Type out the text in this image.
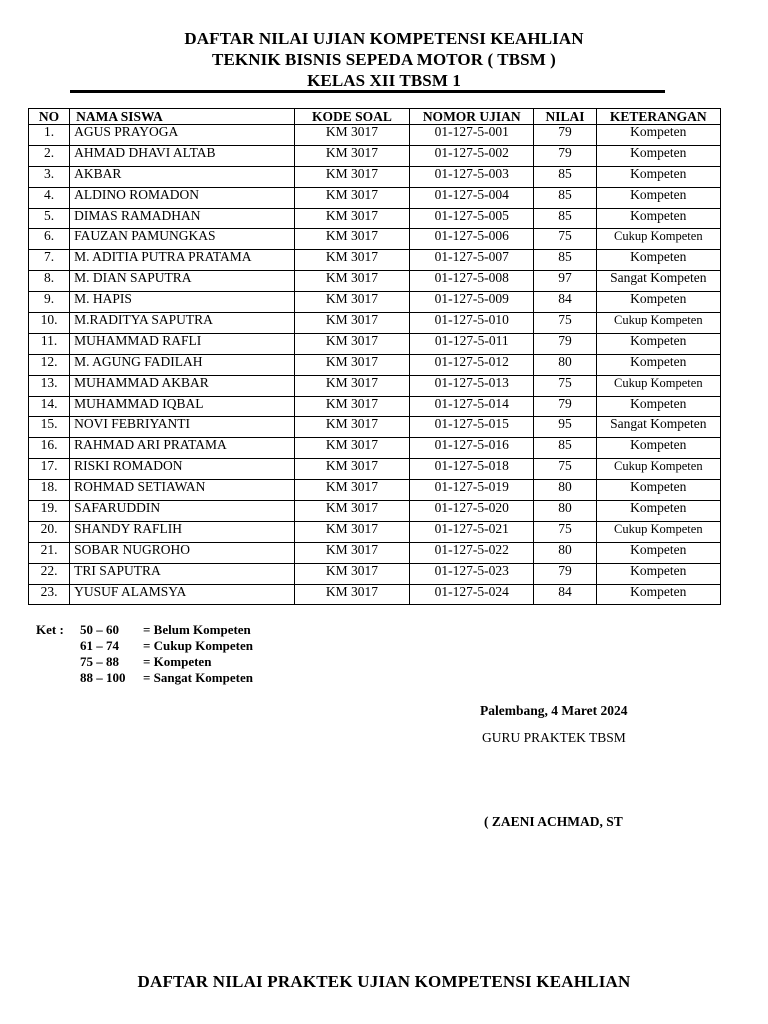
DAFTAR NILAI UJIAN KOMPETENSI KEAHLIAN
TEKNIK BISNIS SEPEDA MOTOR ( TBSM )
KELAS XII TBSM 1
NO	NAMA SISWA	KODE SOAL	NOMOR UJIAN	NILAI	KETERANGAN
1.	AGUS PRAYOGA	KM 3017	01-127-5-001	79	Kompeten
2.	AHMAD DHAVI ALTAB	KM 3017	01-127-5-002	79	Kompeten
3.	AKBAR	KM 3017	01-127-5-003	85	Kompeten
4.	ALDINO ROMADON	KM 3017	01-127-5-004	85	Kompeten
5.	DIMAS RAMADHAN	KM 3017	01-127-5-005	85	Kompeten
6.	FAUZAN PAMUNGKAS	KM 3017	01-127-5-006	75	Cukup Kompeten
7.	M. ADITIA PUTRA PRATAMA	KM 3017	01-127-5-007	85	Kompeten
8.	M. DIAN SAPUTRA	KM 3017	01-127-5-008	97	Sangat Kompeten
9.	M. HAPIS	KM 3017	01-127-5-009	84	Kompeten
10.	M.RADITYA SAPUTRA	KM 3017	01-127-5-010	75	Cukup Kompeten
11.	MUHAMMAD RAFLI	KM 3017	01-127-5-011	79	Kompeten
12.	M. AGUNG FADILAH	KM 3017	01-127-5-012	80	Kompeten
13.	MUHAMMAD AKBAR	KM 3017	01-127-5-013	75	Cukup Kompeten
14.	MUHAMMAD IQBAL	KM 3017	01-127-5-014	79	Kompeten
15.	NOVI FEBRIYANTI	KM 3017	01-127-5-015	95	Sangat Kompeten
16.	RAHMAD ARI PRATAMA	KM 3017	01-127-5-016	85	Kompeten
17.	RISKI ROMADON	KM 3017	01-127-5-018	75	Cukup Kompeten
18.	ROHMAD SETIAWAN	KM 3017	01-127-5-019	80	Kompeten
19.	SAFARUDDIN	KM 3017	01-127-5-020	80	Kompeten
20.	SHANDY RAFLIH	KM 3017	01-127-5-021	75	Cukup Kompeten
21.	SOBAR NUGROHO	KM 3017	01-127-5-022	80	Kompeten
22.	TRI SAPUTRA	KM 3017	01-127-5-023	79	Kompeten
23.	YUSUF ALAMSYA	KM 3017	01-127-5-024	84	Kompeten
Ket :	50 – 60	= Belum Kompeten
61 – 74	= Cukup Kompeten
75 – 88	= Kompeten
88 – 100	= Sangat Kompeten
Palembang, 4 Maret 2024
GURU PRAKTEK TBSM
( ZAENI ACHMAD, ST
DAFTAR NILAI PRAKTEK UJIAN KOMPETENSI KEAHLIAN
